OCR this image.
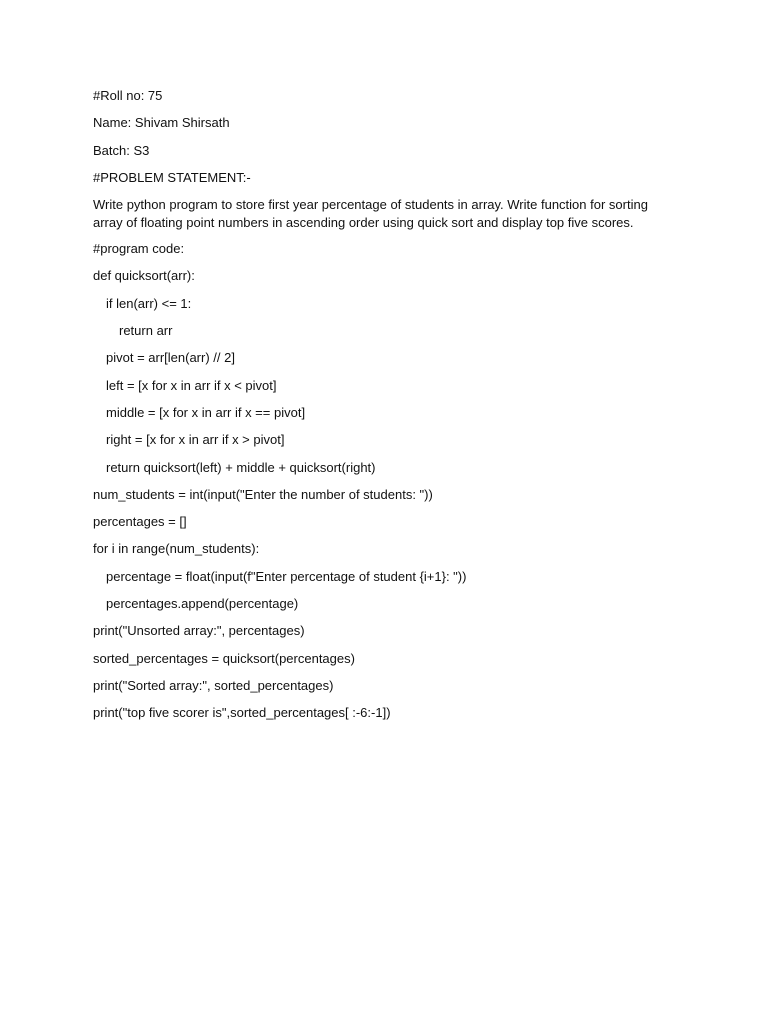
#Roll no: 75
Name: Shivam Shirsath
Batch: S3
#PROBLEM STATEMENT:-
Write python program to store first year percentage of students in array. Write function for sorting array of floating point numbers in ascending order using quick sort and display top five scores.
#program code:
def quicksort(arr):
if len(arr) <= 1:
return arr
pivot = arr[len(arr) // 2]
left = [x for x in arr if x < pivot]
middle = [x for x in arr if x == pivot]
right = [x for x in arr if x > pivot]
return quicksort(left) + middle + quicksort(right)
num_students = int(input("Enter the number of students: "))
percentages = []
for i in range(num_students):
percentage = float(input(f"Enter percentage of student {i+1}: "))
percentages.append(percentage)
print("Unsorted array:", percentages)
sorted_percentages = quicksort(percentages)
print("Sorted array:", sorted_percentages)
print("top five scorer is",sorted_percentages[ :-6:-1])
